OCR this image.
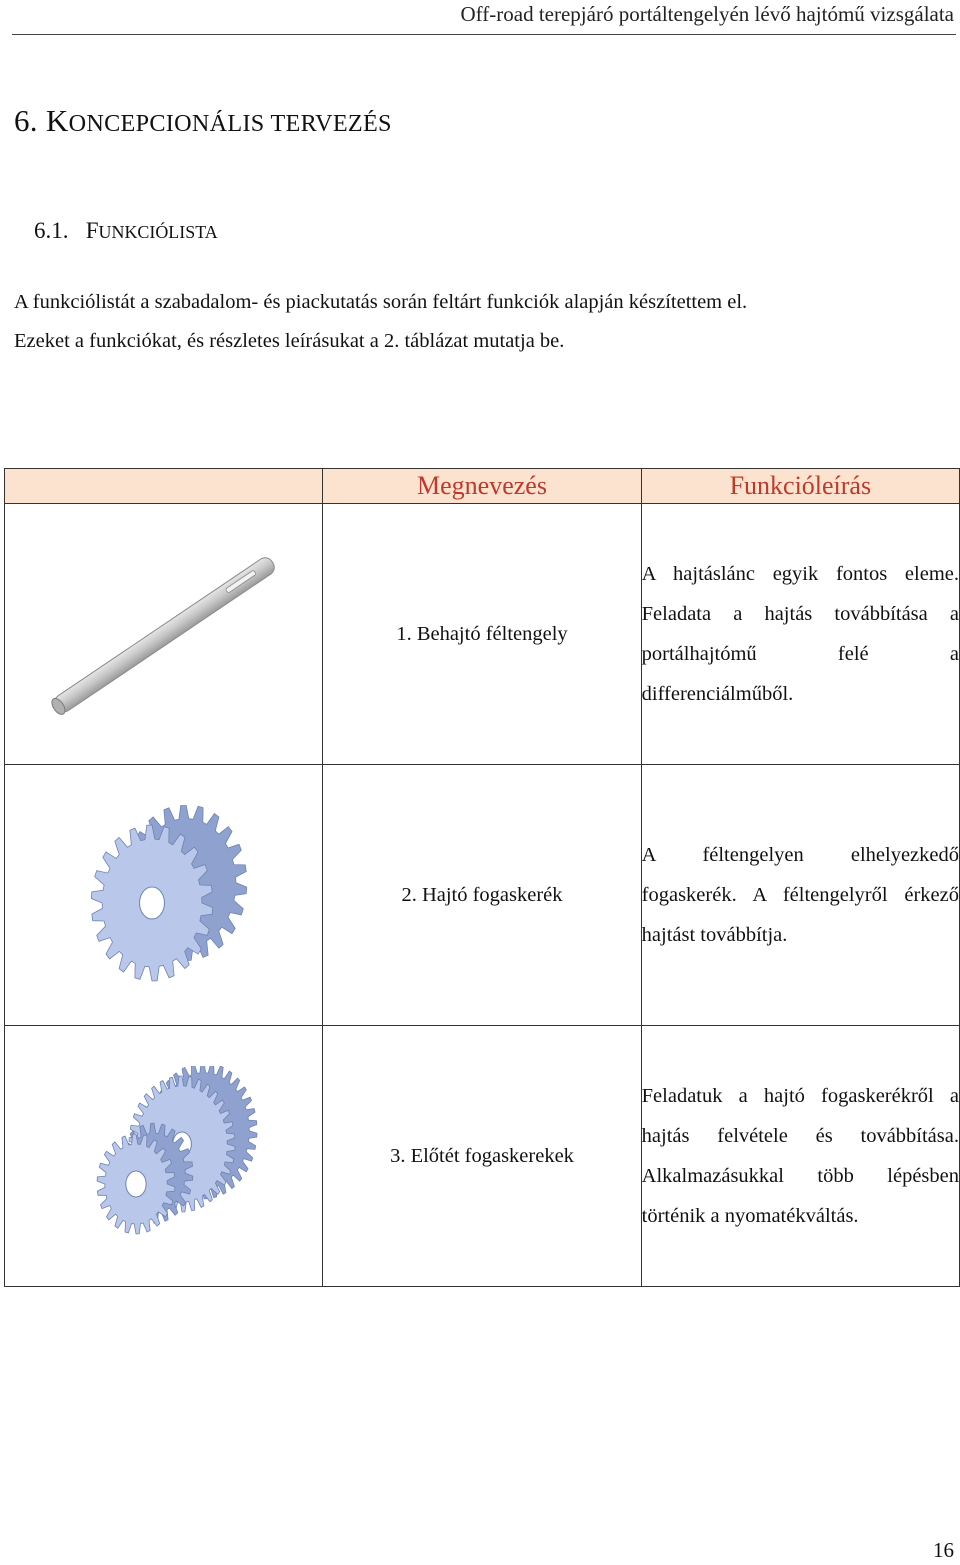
Off-road terepjáró portáltengelyén lévő hajtómű vizsgálata
6. KONCEPCIONÁLIS TERVEZÉS
6.1. FUNKCIÓLISTA

A funkciólistát a szabadalom- és piackutatás során feltárt funkciók alapján készítettem el.
Ezeket a funkciókat, és részletes leírásukat a 2. táblázat mutatja be.

	Megnevezés	Funkcióleírás

	1. Behajtó féltengely	A hajtáslánc egyik fontos eleme. Feladata a hajtás továbbítása a portálhajtómű felé a differenciálműből.

	2. Hajtó fogaskerék	A féltengelyen elhelyezkedő fogaskerék. A féltengelyről érkező hajtást továbbítja.

	3. Előtét fogaskerekek	Feladatuk a hajtó fogaskerékről a hajtás felvétele és továbbítása. Alkalmazásukkal több lépésben történik a nyomatékváltás.
16
